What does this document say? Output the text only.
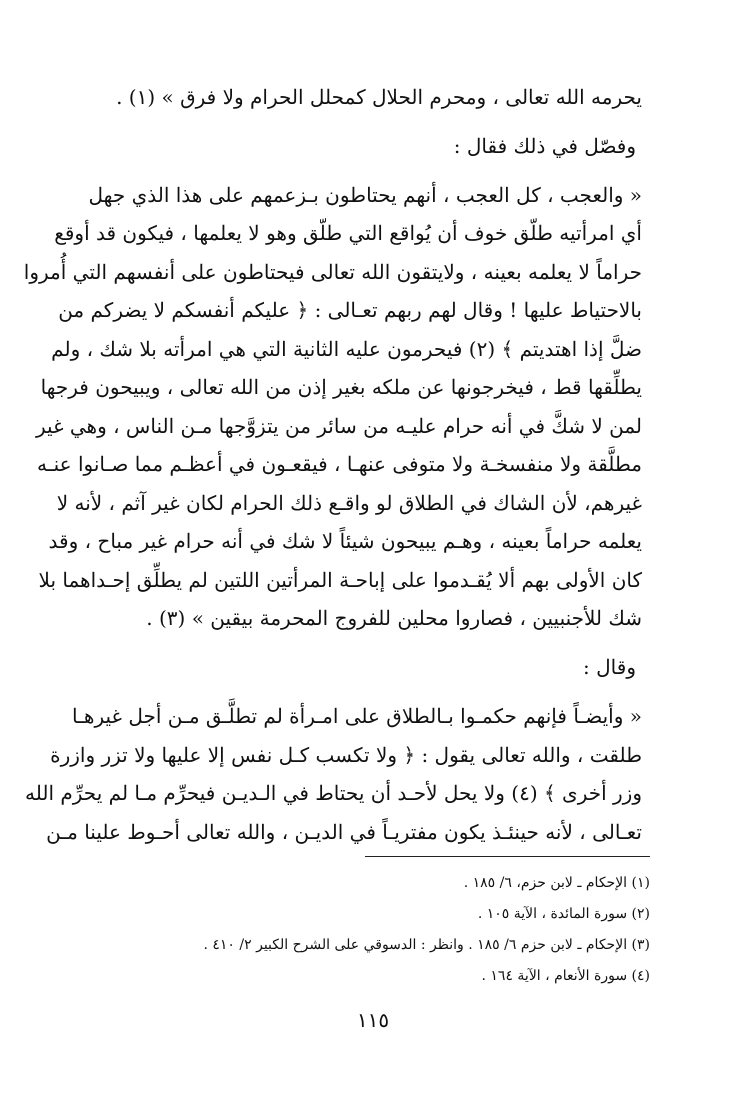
يحرمه الله تعالى ، ومحرم الحلال كمحلل الحرام ولا فرق » (١) .
وفصّل في ذلك فقال :
« والعجب ، كل العجب ، أنهم يحتاطون بـزعمهم على هذا الذي جهل
أي امرأتيه طلّق خوف أن يُواقع التي طلّق وهو لا يعلمها ، فيكون قد أوقع
حراماً لا يعلمه بعينه ، ولايتقون الله تعالى فيحتاطون على أنفسهم التي أُمروا
بالاحتياط عليها ! وقال لهم ربهم تعـالى : ﴿ عليكم أنفسكم لا يضركم من
ضلَّ إذا اهتديتم ﴾ (٢) فيحرمون عليه الثانية التي هي امرأته بلا شك ، ولم
يطلِّقها قط ، فيخرجونها عن ملكه بغير إذن من الله تعالى ، ويبيحون فرجها
لمن لا شكَّ في أنه حرام عليـه من سائر من يتزوَّجها مـن الناس ، وهي غير
مطلَّقة ولا منفسخـة ولا متوفى عنهـا ، فيقعـون في أعظـم مما صـانوا عنـه
غيرهم، لأن الشاك في الطلاق لو واقـع ذلك الحرام لكان غير آثم ، لأنه لا
يعلمه حراماً بعينه ، وهـم يبيحون شيئاً لا شك في أنه حرام غير مباح ، وقد
كان الأولى بهم ألا يُقـدموا على إباحـة المرأتين اللتين لم يطلِّق إحـداهما بلا
شك للأجنبيين ، فصاروا محلين للفروج المحرمة بيقين » (٣) .
وقال :
« وأيضـاً فإنهم حكمـوا بـالطلاق على امـرأة لم تطلَّـق مـن أجل غيرهـا
طلقت ، والله تعالى يقول : ﴿ ولا تكسب كـل نفس إلا عليها ولا تزر وازرة
وزر أخرى ﴾ (٤) ولا يحل لأحـد أن يحتاط في الـديـن فيحرِّم مـا لم يحرِّم الله
تعـالى ، لأنه حينئـذ يكون مفتريـاً في الديـن ، والله تعالى أحـوط علينا مـن
(١) الإحكام ـ لابن حزم، ٦/ ١٨٥ .
(٢) سورة المائدة ، الآية ١٠٥ .
(٣) الإحكام ـ لابن حزم ٦/ ١٨٥ . وانظر : الدسوقي على الشرح الكبير ٢/ ٤١٠ .
(٤) سورة الأنعام ، الآية ١٦٤ .
١١٥
